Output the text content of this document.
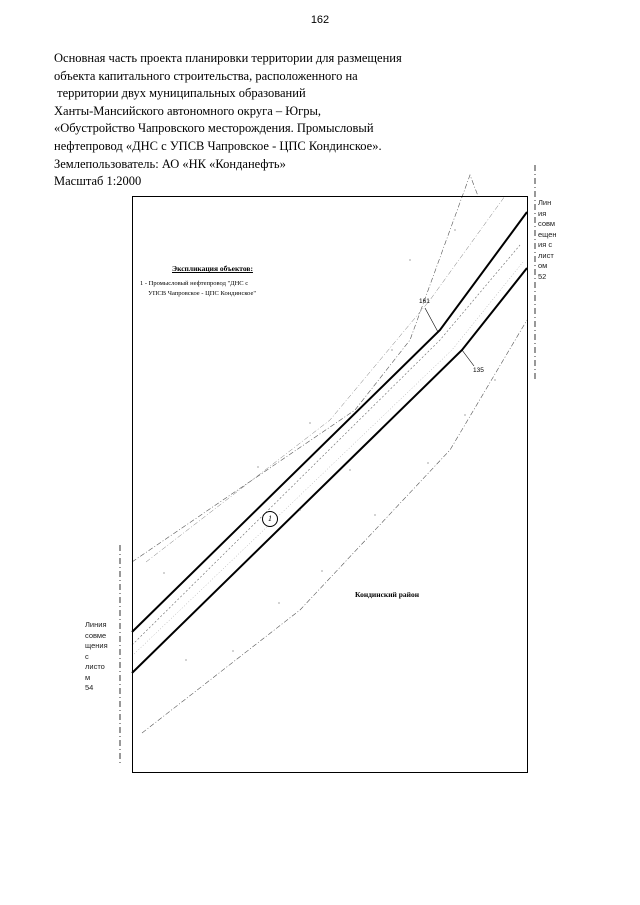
162
Основная часть проекта планировки территории для размещения
объекта капитального строительства, расположенного на
территории двух муниципальных образований
Ханты-Мансийского автономного округа – Югры,
«Обустройство Чапровского месторождения. Промысловый
нефтепровод «ДНС с УПСВ Чапровское - ЦПС Кондинское».
Землепользователь: АО «НК «Конданефть»
Масштаб 1:2000
Экспликация объектов:
1 - Промысловый нефтепровод "ДНС с
УПСВ Чапровское - ЦПС Кондинское"
161
135
1
Кондинский район
Лин
ия
совм
ещен
ия с
лист
ом
52
Линия
совме
щения
с
листо
м
54
